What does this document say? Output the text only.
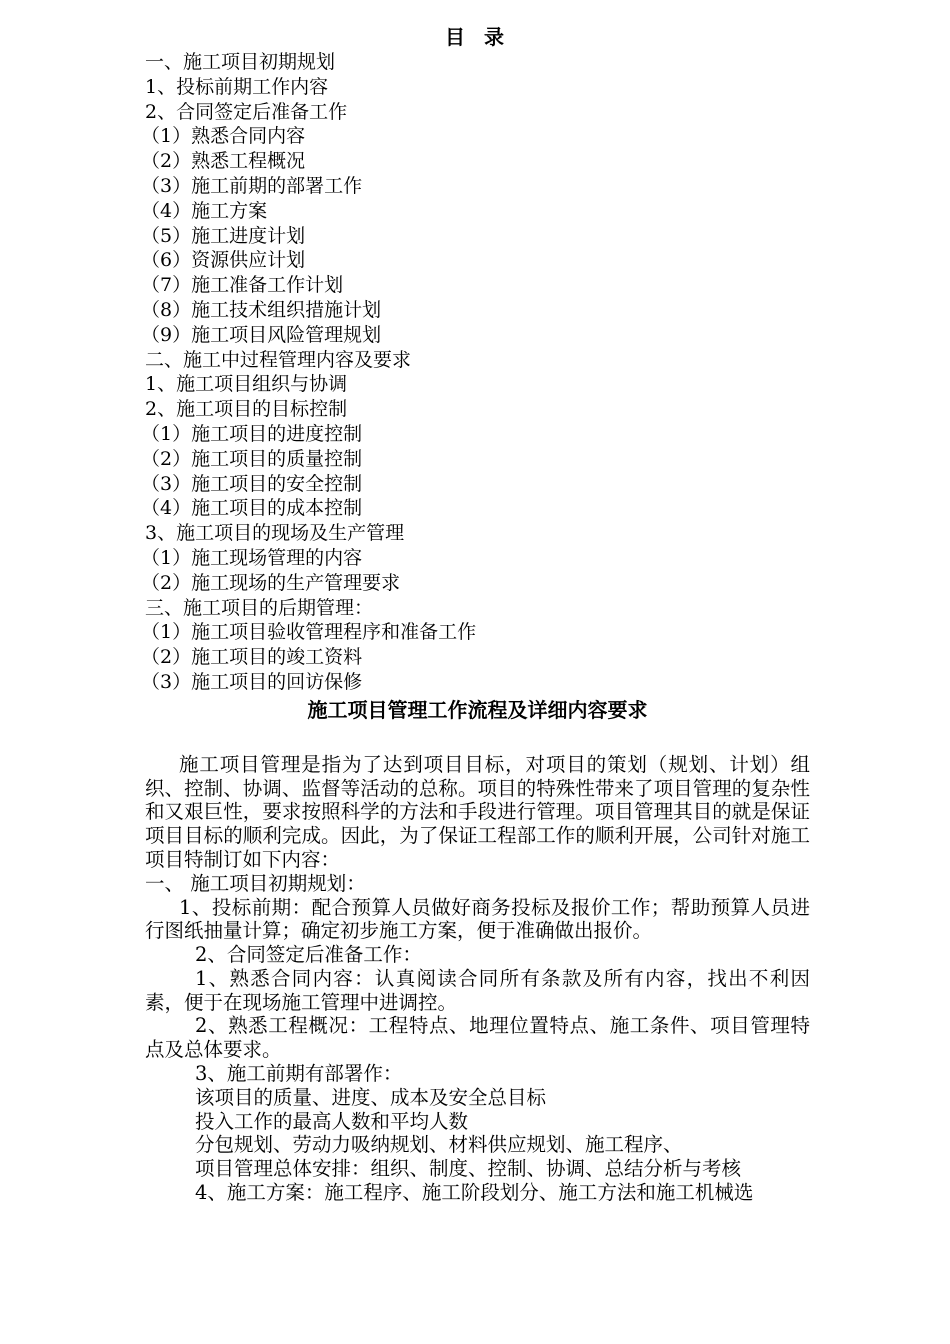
目 录
一、施工项目初期规划
1、投标前期工作内容
2、合同签定后准备工作
（1）熟悉合同内容
（2）熟悉工程概况
（3）施工前期的部署工作
（4）施工方案
（5）施工进度计划
（6）资源供应计划
（7）施工准备工作计划
（8）施工技术组织措施计划
（9）施工项目风险管理规划
二、施工中过程管理内容及要求
1、施工项目组织与协调
2、施工项目的目标控制
（1）施工项目的进度控制
（2）施工项目的质量控制
（3）施工项目的安全控制
（4）施工项目的成本控制
3、施工项目的现场及生产管理
（1）施工现场管理的内容
（2）施工现场的生产管理要求
三、施工项目的后期管理：
（1）施工项目验收管理程序和准备工作
（2）施工项目的竣工资料
（3）施工项目的回访保修
施工项目管理工作流程及详细内容要求

施工项目管理是指为了达到项目目标，对项目的策划（规划、计划）组织、控制、协调、监督等活动的总称。项目的特殊性带来了项目管理的复杂性和又艰巨性，要求按照科学的方法和手段进行管理。项目管理其目的就是保证项目目标的顺利完成。因此，为了保证工程部工作的顺利开展，公司针对施工项目特制订如下内容：

一、 施工项目初期规划：

1、投标前期：配合预算人员做好商务投标及报价工作；帮助预算人员进行图纸抽量计算；确定初步施工方案，便于准确做出报价。

2、合同签定后准备工作：

1、熟悉合同内容：认真阅读合同所有条款及所有内容，找出不利因素，便于在现场施工管理中进调控。

2、熟悉工程概况：工程特点、地理位置特点、施工条件、项目管理特点及总体要求。

3、施工前期有部署作：

该项目的质量、进度、成本及安全总目标

投入工作的最高人数和平均人数

分包规划、劳动力吸纳规划、材料供应规划、施工程序、

项目管理总体安排：组织、制度、控制、协调、总结分析与考核

4、施工方案：施工程序、施工阶段划分、施工方法和施工机械选
